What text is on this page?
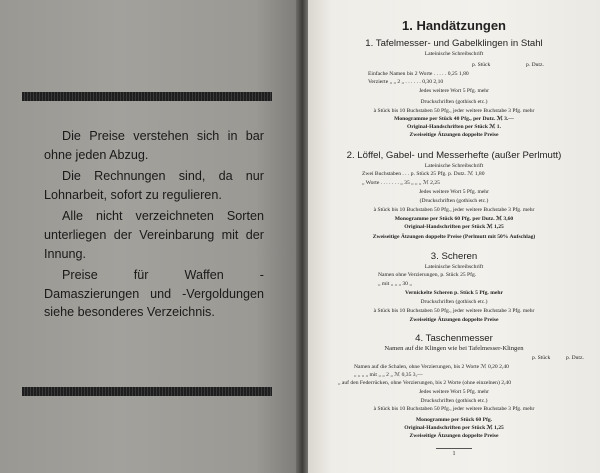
Die Preise verstehen sich in bar ohne jeden Abzug.

Die Rechnungen sind, da nur Lohnarbeit, sofort zu regulieren.

Alle nicht verzeichneten Sorten unterliegen der Vereinbarung mit der Innung.

Preise für Waffen - Damaszierungen und -Vergoldungen siehe besonderes Verzeichnis.

1. Handätzungen
1. Tafelmesser- und Gabelklingen in Stahl
Lateinische Schreibschrift
p. Stück	p. Dutz.
Einfache Namen bis 2 Worte . . . . . 0,25 1,80
Verzierte „ „ 2 „ . . . . . . 0,30 2,10
Jedes weitere Wort 5 Pfg. mehr
Druckschriften (gothisch etc.)
à Stück bis 10 Buchstaben 50 Pfg., jeder weitere Buchstabe 3 Pfg. mehr
Monogramme per Stück 40 Pfg., per Dutz. ℳ 3.—
Original-Handschriften per Stück ℳ 1.
Zweiseitige Ätzungen doppelte Preise
2. Löffel, Gabel- und Messerhefte (außer Perlmutt)
Lateinische Schreibschrift
Zwei Buchstaben . . . p. Stück 25 Pfg. p. Dutz. ℳ 1,80
„ Worte . . . . . . . „ 35 „ „ „ ℳ 2,25
Jedes weitere Wort 5 Pfg. mehr
(Druckschriften (gothisch etc.)
à Stück bis 10 Buchstaben 50 Pfg., jeder weitere Buchstabe 3 Pfg. mehr
Monogramme per Stück 60 Pfg. per Dutz. ℳ 3,60
Original-Handschriften per Stück ℳ 1,25
Zweiseitige Ätzungen doppelte Preise (Perlmutt mit 50% Aufschlag)
3. Scheren
Lateinische Schreibschrift
Namen ohne Verzierungen, p. Stück 25 Pfg.
„ mit „ „ „ 30 „
Vernickelte Scheren p. Stück 5 Pfg. mehr
Druckschriften (gothisch etc.)
à Stück bis 10 Buchstaben 50 Pfg., jeder weitere Buchstabe 3 Pfg. mehr
Zweiseitige Ätzungen doppelte Preise
4. Taschenmesser
Namen auf die Klingen wie bei Tafelmesser-Klingen
p. Stück	p. Dutz.
Namen auf die Schalen, ohne Verzierungen, bis 2 Worte ℳ 0,20 2,40
„ „ „ „ mit „ „ 2 „ ℳ 0,35 3,—
„ auf den Federrücken, ohne Verzierungen, bis 2 Worte (ohne einzelnen) 2,40
Jedes weitere Wort 5 Pfg. mehr
Druckschriften (gothisch etc.)
à Stück bis 10 Buchstaben 50 Pfg., jeder weitere Buchstabe 3 Pfg. mehr
Monogramme per Stück 60 Pfg.
Original-Handschriften per Stück ℳ 1,25
Zweiseitige Ätzungen doppelte Preise
1
